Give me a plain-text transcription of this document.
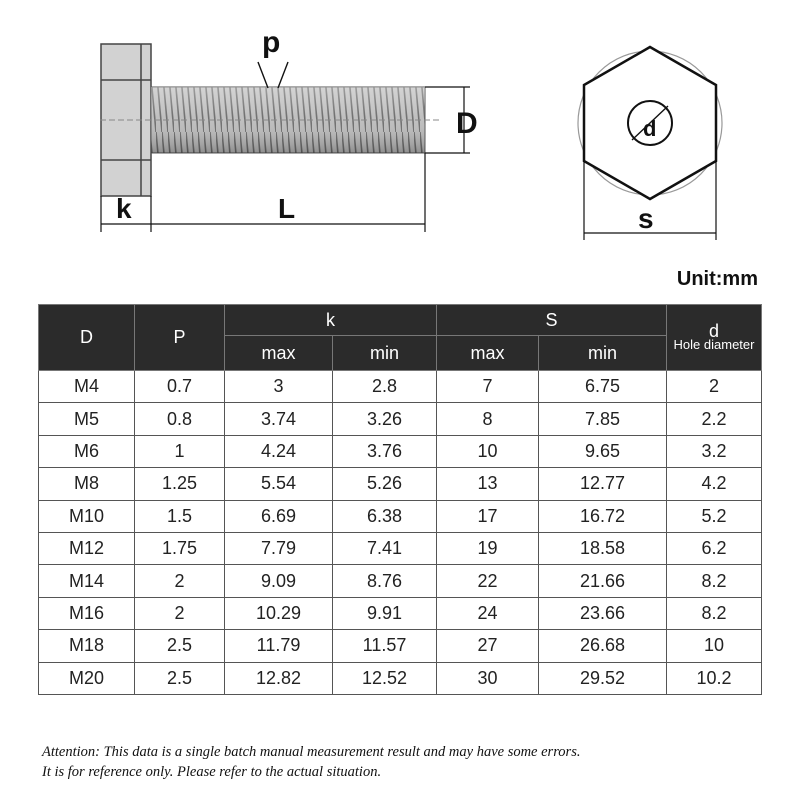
p
D
k	L
d
s
Unit:mm
D	P	k		S		d
Hole diameter

		max	min	max	min	
M4	0.7	3	2.8	7	6.75	2
M5	0.8	3.74	3.26	8	7.85	2.2
M6	1	4.24	3.76	10	9.65	3.2
M8	1.25	5.54	5.26	13	12.77	4.2
M10	1.5	6.69	6.38	17	16.72	5.2
M12	1.75	7.79	7.41	19	18.58	6.2
M14	2	9.09	8.76	22	21.66	8.2
M16	2	10.29	9.91	24	23.66	8.2
M18	2.5	11.79	11.57	27	26.68	10
M20	2.5	12.82	12.52	30	29.52	10.2
Attention: This data is a single batch manual measurement result and may have some errors.
It is for reference only. Please refer to the actual situation.
